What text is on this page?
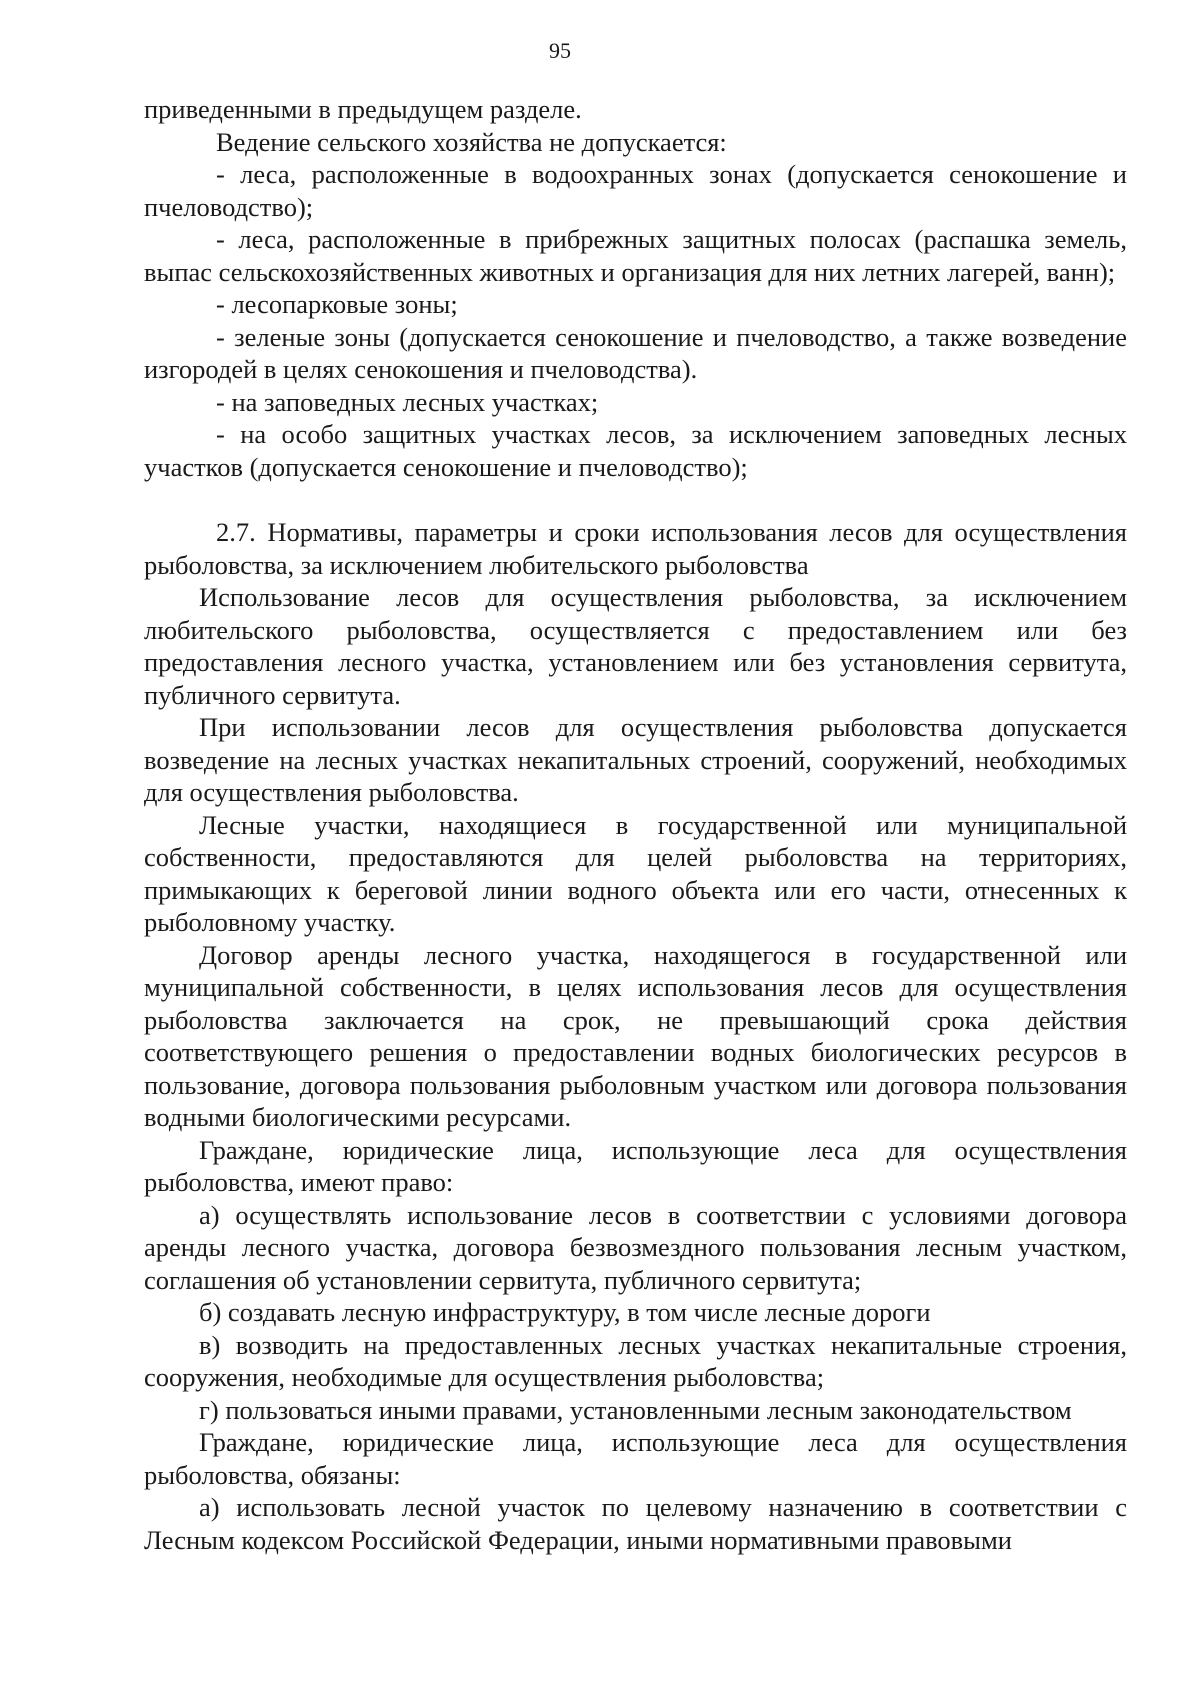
95

приведенными в предыдущем разделе.

Ведение сельского хозяйства не допускается:

- леса, расположенные в водоохранных зонах (допускается сенокошение и пчеловодство);

- леса, расположенные в прибрежных защитных полосах (распашка земель, выпас сельскохозяйственных животных и организация для них летних лагерей, ванн);

- лесопарковые зоны;

- зеленые зоны (допускается сенокошение и пчеловодство, а также возведение изгородей в целях сенокошения и пчеловодства).

- на заповедных лесных участках;

- на особо защитных участках лесов, за исключением заповедных лесных участков (допускается сенокошение и пчеловодство);

2.7. Нормативы, параметры и сроки использования лесов для осуществления рыболовства, за исключением любительского рыболовства

Использование лесов для осуществления рыболовства, за исключением любительского рыболовства, осуществляется с предоставлением или без предоставления лесного участка, установлением или без установления сервитута, публичного сервитута.

При использовании лесов для осуществления рыболовства допускается возведение на лесных участках некапитальных строений, сооружений, необходимых для осуществления рыболовства.

Лесные участки, находящиеся в государственной или муниципальной собственности, предоставляются для целей рыболовства на территориях, примыкающих к береговой линии водного объекта или его части, отнесенных к рыболовному участку.

Договор аренды лесного участка, находящегося в государственной или муниципальной собственности, в целях использования лесов для осуществления рыболовства заключается на срок, не превышающий срока действия соответствующего решения о предоставлении водных биологических ресурсов в пользование, договора пользования рыболовным участком или договора пользования водными биологическими ресурсами.

Граждане, юридические лица, использующие леса для осуществления рыболовства, имеют право:

а) осуществлять использование лесов в соответствии с условиями договора аренды лесного участка, договора безвозмездного пользования лесным участком, соглашения об установлении сервитута, публичного сервитута;

б) создавать лесную инфраструктуру, в том числе лесные дороги

в) возводить на предоставленных лесных участках некапитальные строения, сооружения, необходимые для осуществления рыболовства;

г) пользоваться иными правами, установленными лесным законодательством

Граждане, юридические лица, использующие леса для осуществления рыболовства, обязаны:

а) использовать лесной участок по целевому назначению в соответствии с Лесным кодексом Российской Федерации, иными нормативными правовыми
